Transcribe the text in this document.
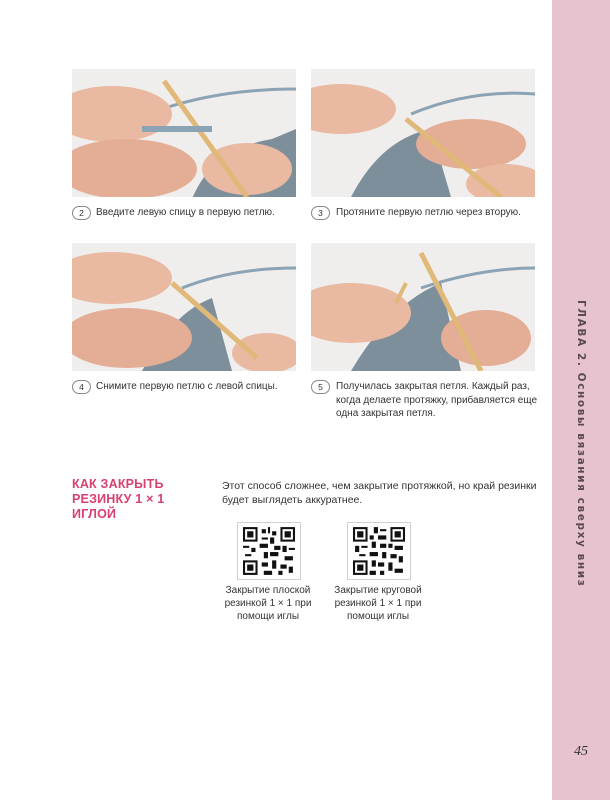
2	Введите левую спицу в первую петлю.	3	Протяните первую петлю через вторую.
4	Снимите первую петлю с левой спицы.	5	Получилась закрытая петля. Каждый раз,
когда делаете протяжку, прибавляется еще
одна закрытая петля.
КАК ЗАКРЫТЬ
РЕЗИНКУ 1 × 1 ИГЛОЙ
Этот способ сложнее, чем закрытие протяжкой, но край резинки
будет выглядеть аккуратнее.
Закрытие плоской
резинкой 1 × 1 при
помощи иглы
Закрытие круговой
резинкой 1 × 1 при
помощи иглы
ГЛАВА 2. Основы вязания сверху вниз
45
